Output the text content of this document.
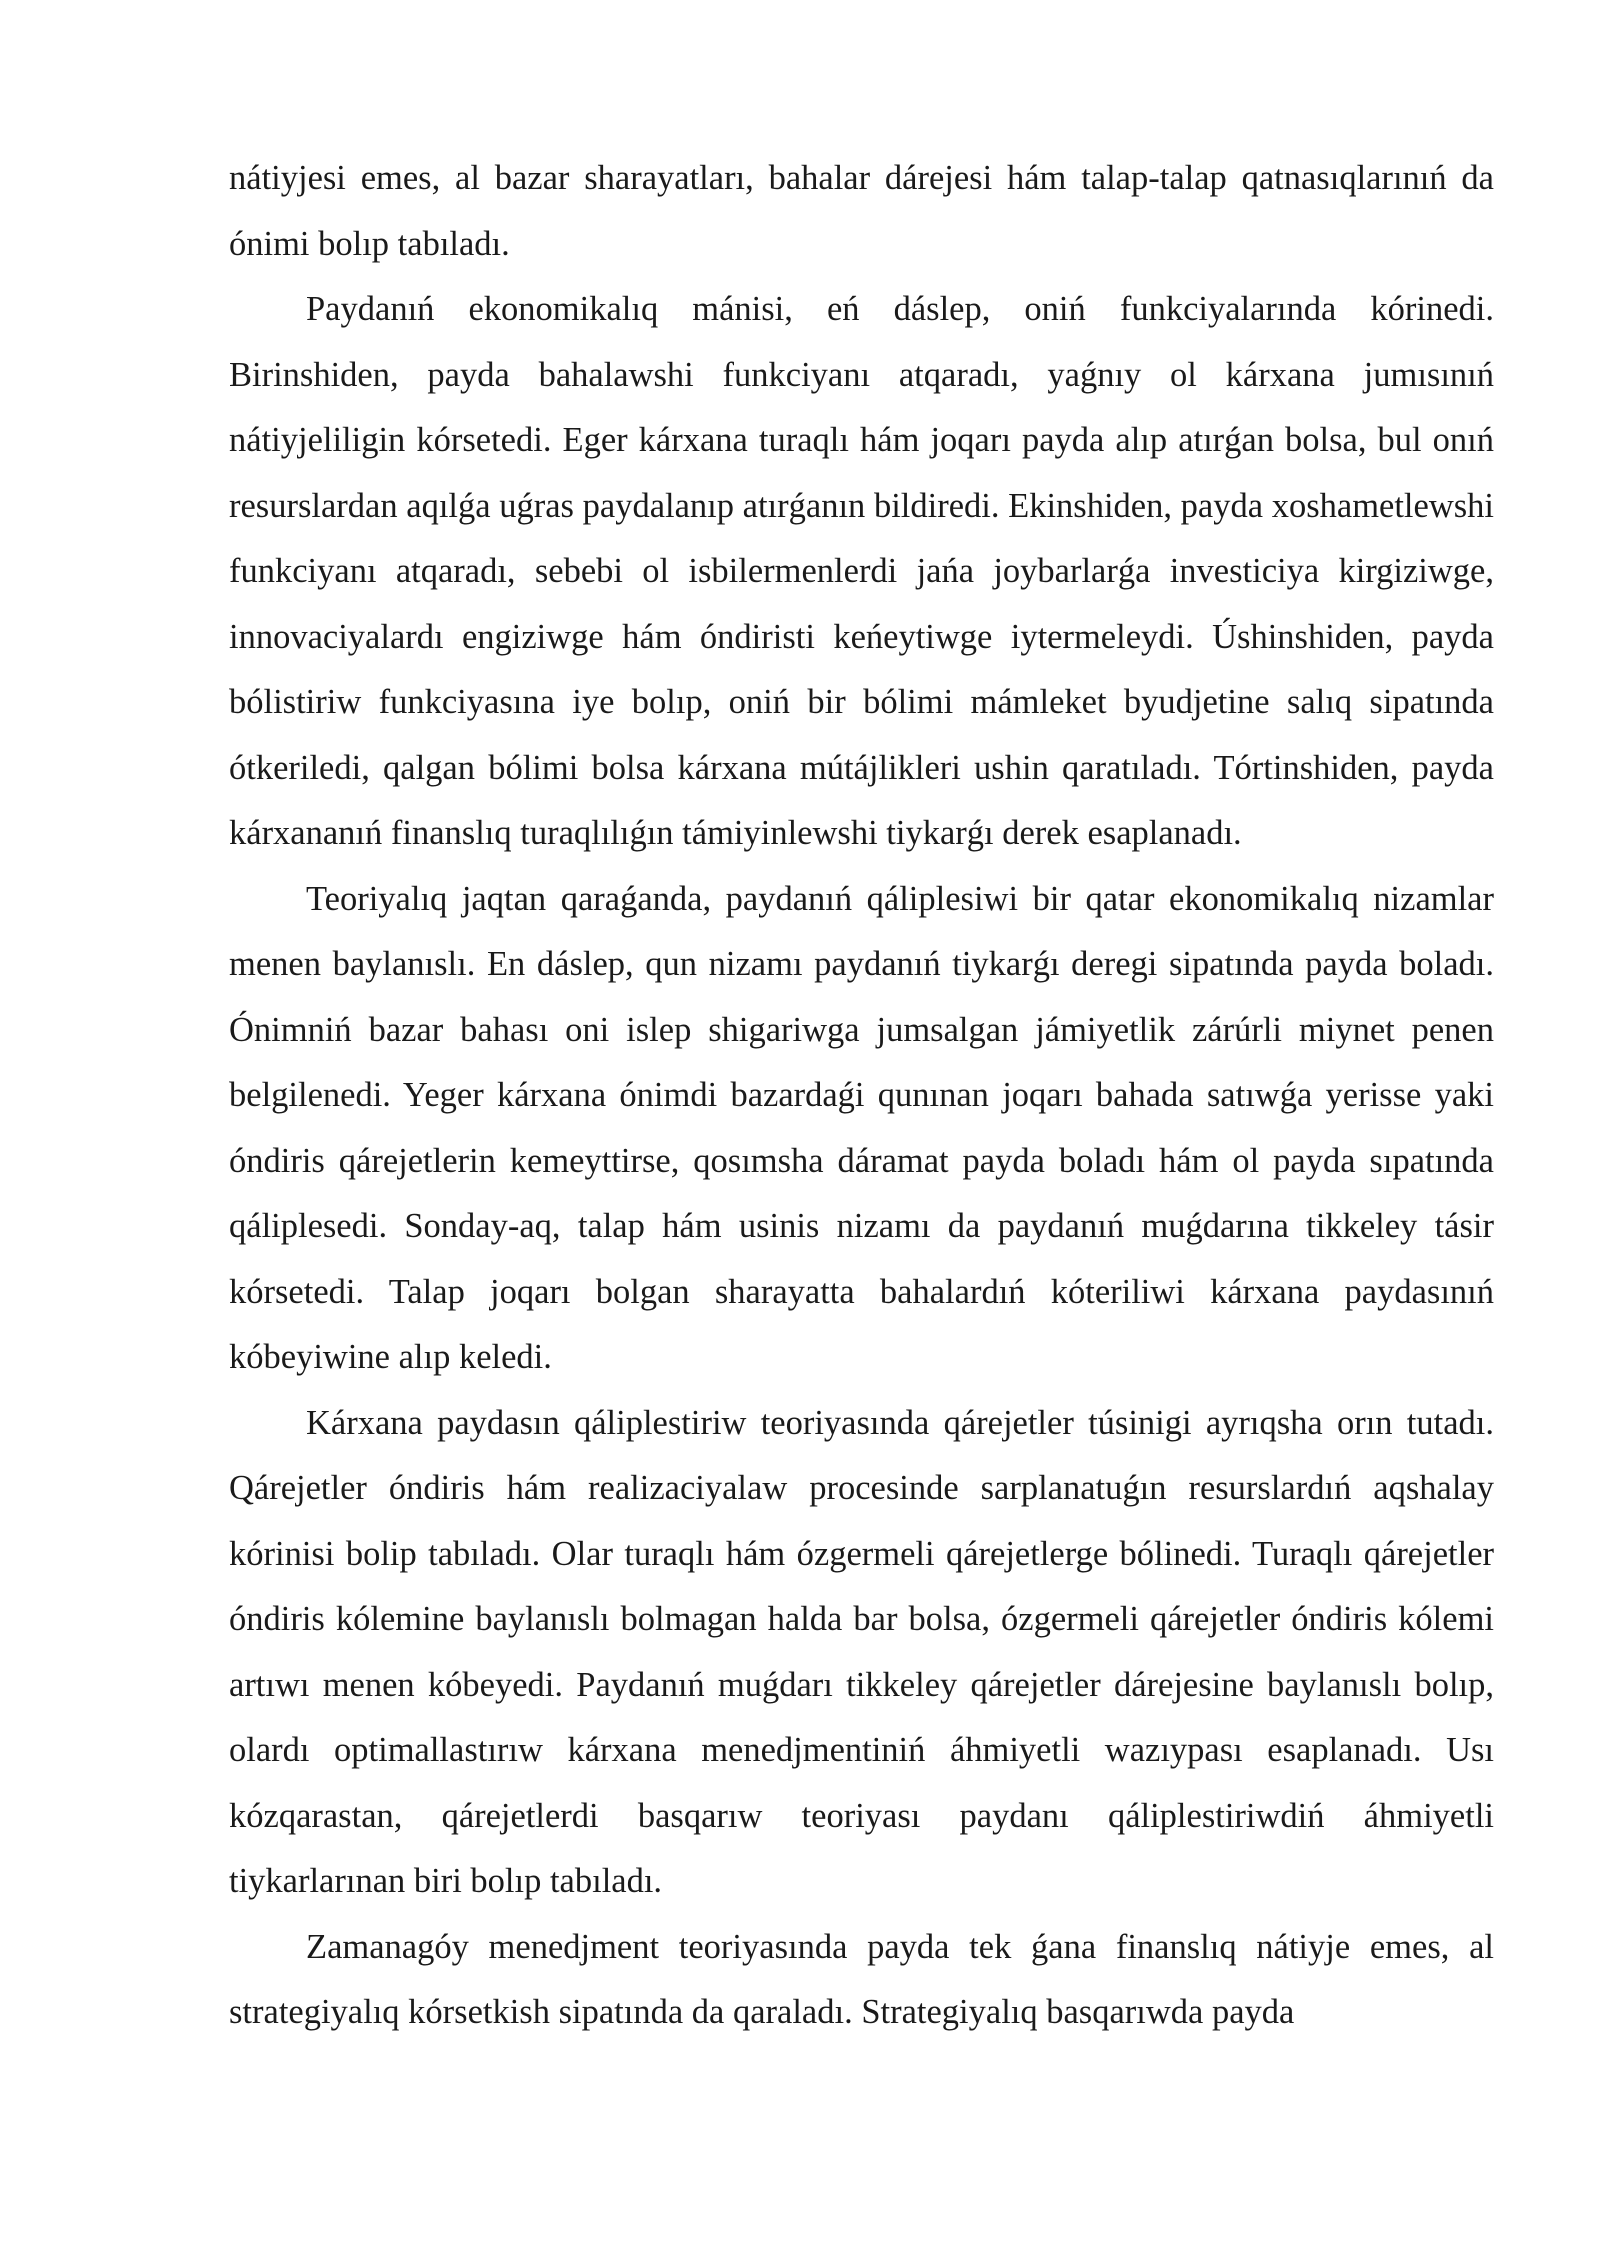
nátiyjesi emes, al bazar sharayatları, bahalar dárejesi hám talap-talap qatnasıqlarınıń da ónimi bolıp tabıladı.

Paydanıń ekonomikalıq mánisi, eń dáslep, oniń funkciyalarında kórinedi. Birinshiden, payda bahalawshi funkciyanı atqaradı, yaǵnıy ol kárxana jumısınıń nátiyjeliligin kórsetedi. Eger kárxana turaqlı hám joqarı payda alıp atırǵan bolsa, bul onıń resurslardan aqılǵa uǵras paydalanıp atırǵanın bildiredi. Ekinshiden, payda xoshametlewshi funkciyanı atqaradı, sebebi ol isbilermenlerdi jańa joybarlarǵa investiciya kirgiziwge, innovaciyalardı engiziwge hám óndiristi keńeytiwge iytermeleydi. Úshinshiden, payda bólistiriw funkciyasına iye bolıp, oniń bir bólimi mámleket byudjetine salıq sipatında ótkeriledi, qalgan bólimi bolsa kárxana mútájlikleri ushin qaratıladı. Tórtinshiden, payda kárxananıń finanslıq turaqlılıǵın támiyinlewshi tiykarǵı derek esaplanadı.

Teoriyalıq jaqtan qaraǵanda, paydanıń qáliplesiwi bir qatar ekonomikalıq nizamlar menen baylanıslı. En dáslep, qun nizamı paydanıń tiykarǵı deregi sipatında payda boladı. Ónimniń bazar bahası oni islep shigariwga jumsalgan jámiyetlik zárúrli miynet penen belgilenedi. Yeger kárxana ónimdi bazardaǵi qunınan joqarı bahada satıwǵa yerisse yaki óndiris qárejetlerin kemeyttirse, qosımsha dáramat payda boladı hám ol payda sıpatında qáliplesedi. Sonday-aq, talap hám usinis nizamı da paydanıń muǵdarına tikkeley tásir kórsetedi. Talap joqarı bolgan sharayatta bahalardıń kóteriliwi kárxana paydasınıń kóbeyiwine alıp keledi.

Kárxana paydasın qáliplestiriw teoriyasında qárejetler túsinigi ayrıqsha orın tutadı. Qárejetler óndiris hám realizaciyalaw procesinde sarplanatuǵın resurslardıń aqshalay kórinisi bolip tabıladı. Olar turaqlı hám ózgermeli qárejetlerge bólinedi. Turaqlı qárejetler óndiris kólemine baylanıslı bolmagan halda bar bolsa, ózgermeli qárejetler óndiris kólemi artıwı menen kóbeyedi. Paydanıń muǵdarı tikkeley qárejetler dárejesine baylanıslı bolıp, olardı optimallastırıw kárxana menedjmentiniń áhmiyetli wazıypası esaplanadı. Usı kózqarastan, qárejetlerdi basqarıw teoriyası paydanı qáliplestiriwdiń áhmiyetli tiykarlarınan biri bolıp tabıladı.

Zamanagóy menedjment teoriyasında payda tek ǵana finanslıq nátiyje emes, al strategiyalıq kórsetkish sipatında da qaraladı. Strategiyalıq basqarıwda payda
